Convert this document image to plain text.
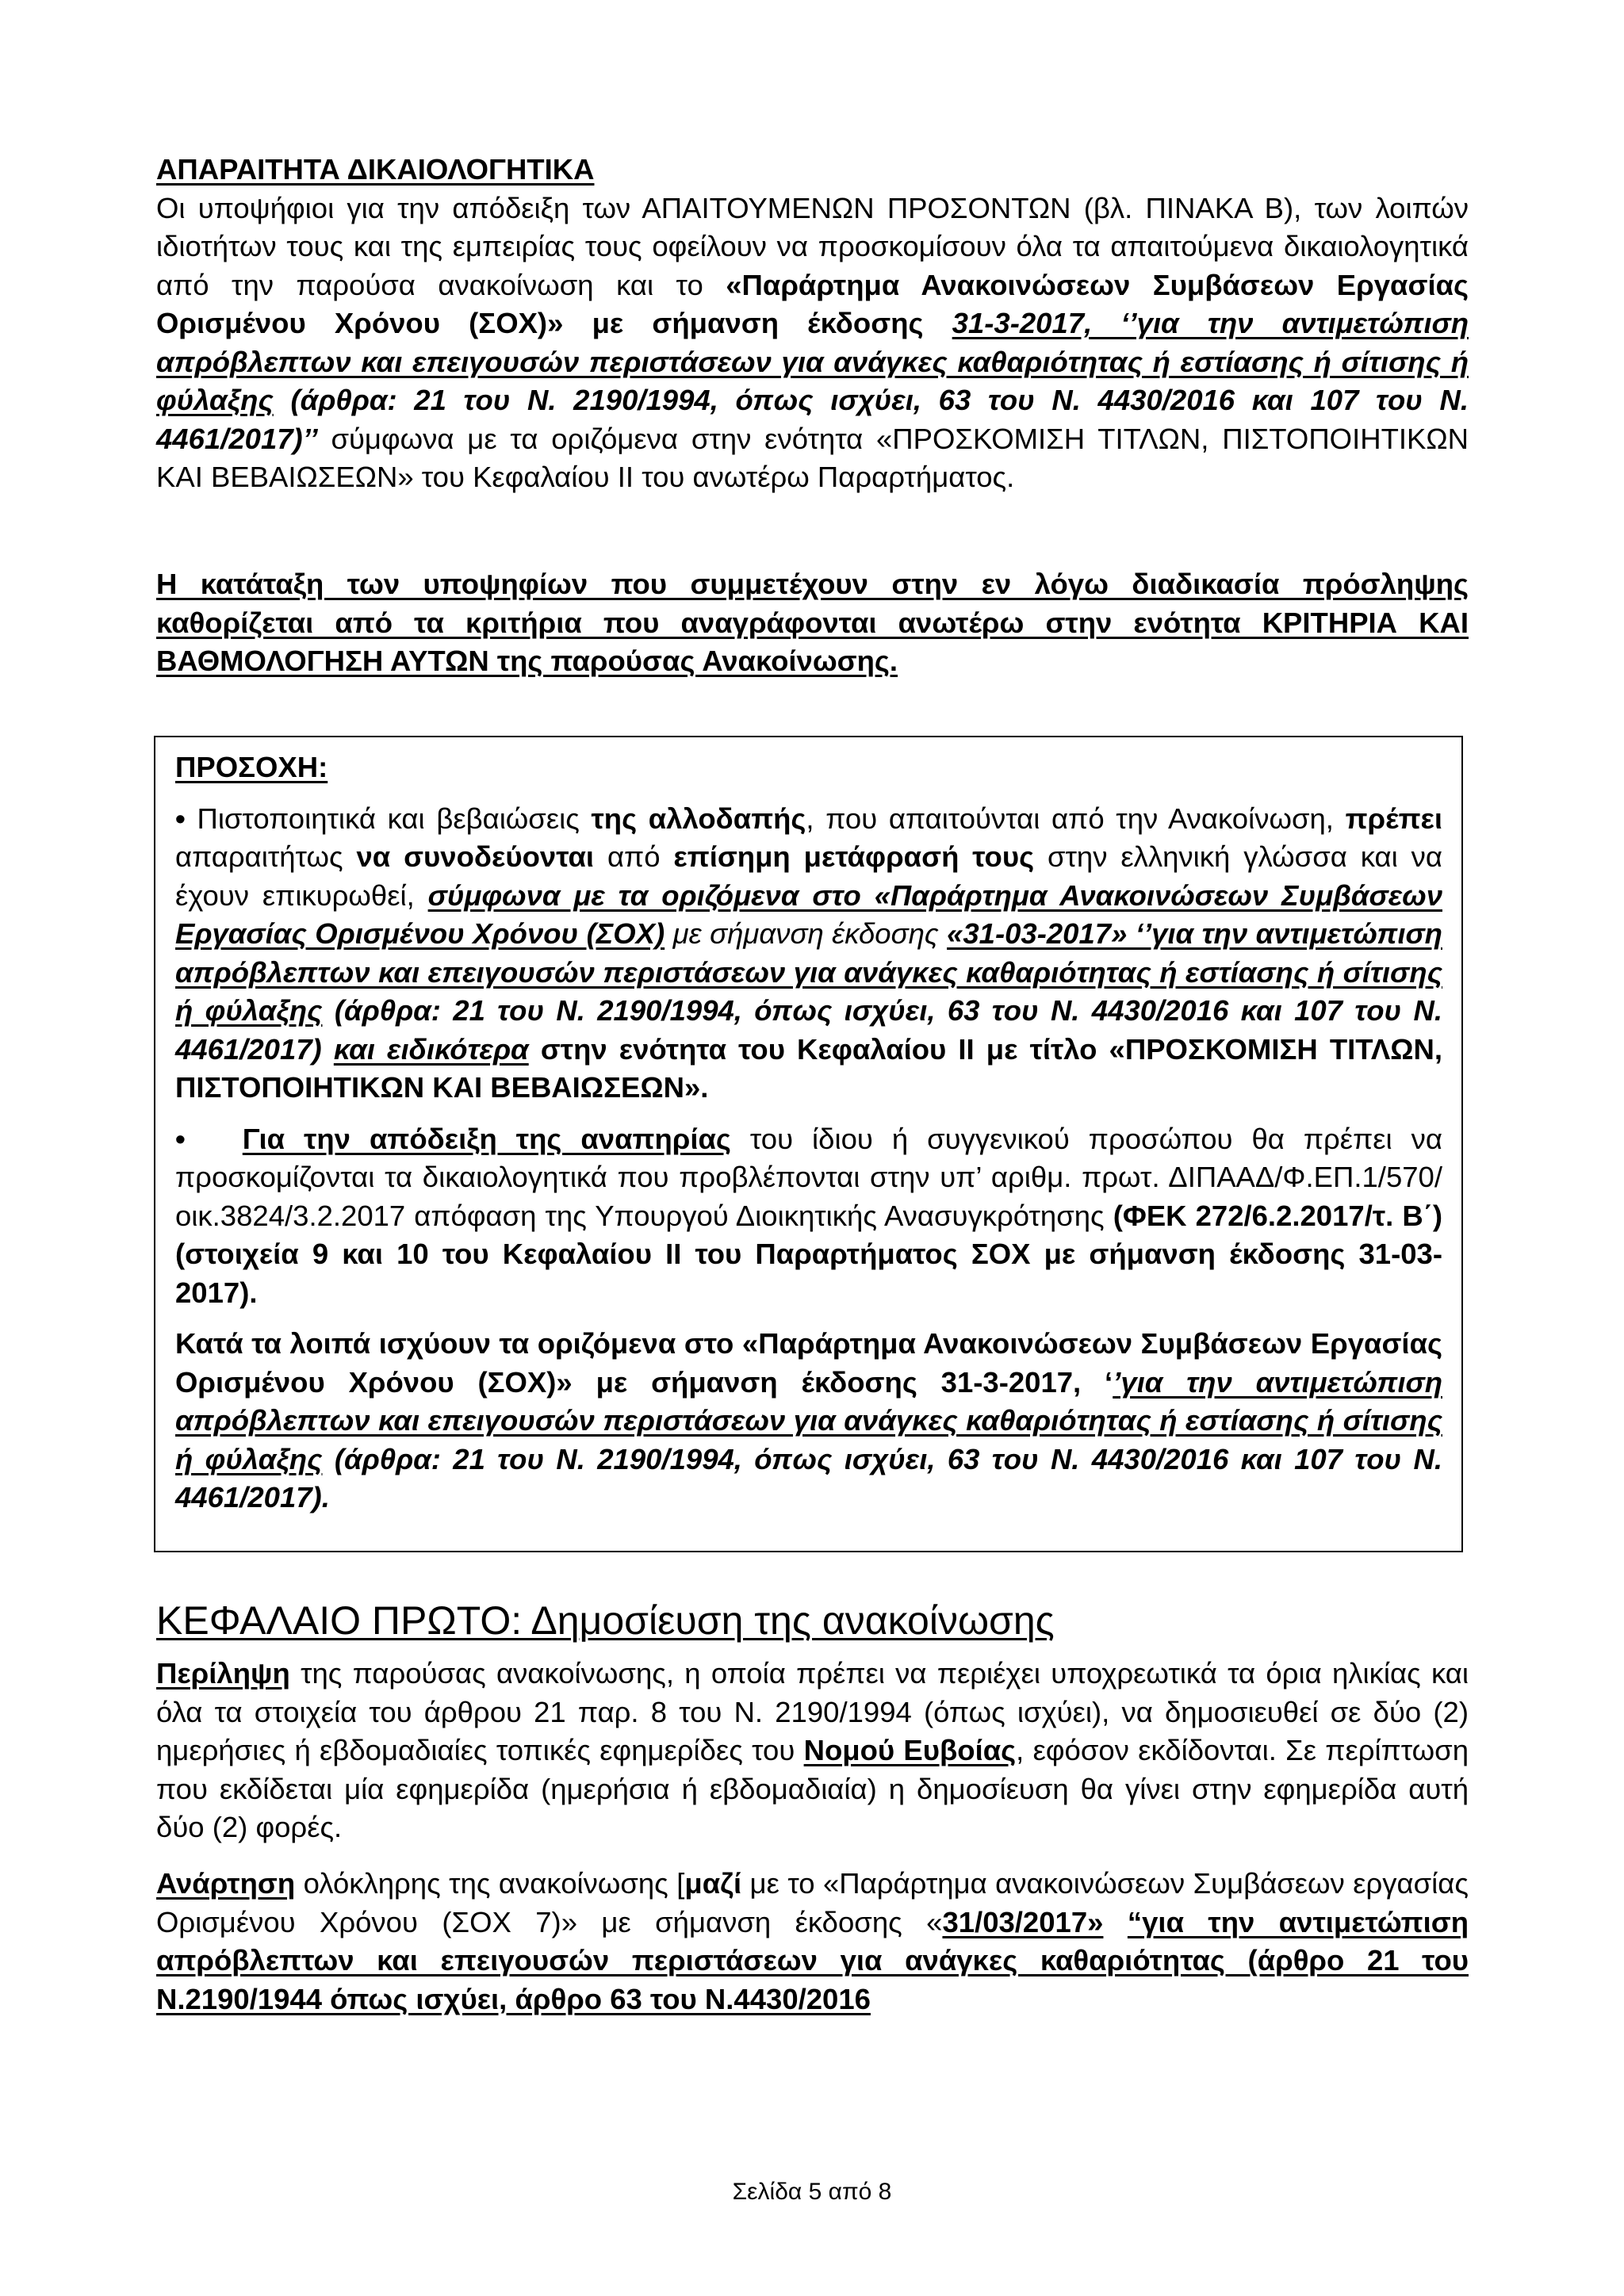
ΑΠΑΡΑΙΤΗΤΑ ΔΙΚΑΙΟΛΟΓΗΤΙΚΑ

Οι υποψήφιοι για την απόδειξη των ΑΠΑΙΤΟΥΜΕΝΩΝ ΠΡΟΣΟΝΤΩΝ (βλ. ΠΙΝΑΚΑ Β), των λοιπών ιδιοτήτων τους και της εμπειρίας τους οφείλουν να προσκομίσουν όλα τα απαιτούμενα δικαιολογητικά από την παρούσα ανακοίνωση και το «Παράρτημα Ανακοινώσεων Συμβάσεων Εργασίας Ορισμένου Χρόνου (ΣΟΧ)» με σήμανση έκδοσης 31-3-2017, ‘’για την αντιμετώπιση απρόβλεπτων και επειγουσών περιστάσεων για ανάγκες καθαριότητας ή εστίασης ή σίτισης ή φύλαξης (άρθρα: 21 του Ν. 2190/1994, όπως ισχύει, 63 του Ν. 4430/2016 και 107 του Ν. 4461/2017)’’ σύμφωνα με τα οριζόμενα στην ενότητα «ΠΡΟΣΚΟΜΙΣΗ ΤΙΤΛΩΝ, ΠΙΣΤΟΠΟΙΗΤΙΚΩΝ ΚΑΙ ΒΕΒΑΙΩΣΕΩΝ» του Κεφαλαίου ΙΙ του ανωτέρω Παραρτήματος.

Η κατάταξη των υποψηφίων που συμμετέχουν στην εν λόγω διαδικασία πρόσληψης καθορίζεται από τα κριτήρια που αναγράφονται ανωτέρω στην ενότητα ΚΡΙΤΗΡΙΑ ΚΑΙ ΒΑΘΜΟΛΟΓΗΣΗ ΑΥΤΩΝ της παρούσας Ανακοίνωσης.
ΠΡΟΣΟΧΗ:

• Πιστοποιητικά και βεβαιώσεις της αλλοδαπής, που απαιτούνται από την Ανακοίνωση, πρέπει απαραιτήτως να συνοδεύονται από επίσημη μετάφρασή τους στην ελληνική γλώσσα και να έχουν επικυρωθεί, σύμφωνα με τα οριζόμενα στο «Παράρτημα Ανακοινώσεων Συμβάσεων Εργασίας Ορισμένου Χρόνου (ΣΟΧ) με σήμανση έκδοσης «31-03-2017» ‘’για την αντιμετώπιση απρόβλεπτων και επειγουσών περιστάσεων για ανάγκες καθαριότητας ή εστίασης ή σίτισης ή φύλαξης (άρθρα: 21 του Ν. 2190/1994, όπως ισχύει, 63 του Ν. 4430/2016 και 107 του Ν. 4461/2017) και ειδικότερα στην ενότητα του Κεφαλαίου ΙΙ με τίτλο «ΠΡΟΣΚΟΜΙΣΗ ΤΙΤΛΩΝ, ΠΙΣΤΟΠΟΙΗΤΙΚΩΝ ΚΑΙ ΒΕΒΑΙΩΣΕΩΝ».

• Για την απόδειξη της αναπηρίας του ίδιου ή συγγενικού προσώπου θα πρέπει να προσκομίζονται τα δικαιολογητικά που προβλέπονται στην υπ’ αριθμ. πρωτ. ΔΙΠΑΑΔ/Φ.ΕΠ.1/570/οικ.3824/3.2.2017 απόφαση της Υπουργού Διοικητικής Ανασυγκρότησης (ΦΕΚ 272/6.2.2017/τ. Β΄) (στοιχεία 9 και 10 του Κεφαλαίου ΙΙ του Παραρτήματος ΣΟΧ με σήμανση έκδοσης 31-03-2017).

Κατά τα λοιπά ισχύουν τα οριζόμενα στο «Παράρτημα Ανακοινώσεων Συμβάσεων Εργασίας Ορισμένου Χρόνου (ΣΟΧ)» με σήμανση έκδοσης 31-3-2017, ‘’για την αντιμετώπιση απρόβλεπτων και επειγουσών περιστάσεων για ανάγκες καθαριότητας ή εστίασης ή σίτισης ή φύλαξης (άρθρα: 21 του Ν. 2190/1994, όπως ισχύει, 63 του Ν. 4430/2016 και 107 του Ν. 4461/2017).

ΚΕΦΑΛΑΙΟ ΠΡΩΤΟ: Δημοσίευση της ανακοίνωσης
Περίληψη της παρούσας ανακοίνωσης, η οποία πρέπει να περιέχει υποχρεωτικά τα όρια ηλικίας και όλα τα στοιχεία του άρθρου 21 παρ. 8 του Ν. 2190/1994 (όπως ισχύει), να δημοσιευθεί σε δύο (2) ημερήσιες ή εβδομαδιαίες τοπικές εφημερίδες του Νομού Ευβοίας, εφόσον εκδίδονται. Σε περίπτωση που εκδίδεται μία εφημερίδα (ημερήσια ή εβδομαδιαία) η δημοσίευση θα γίνει στην εφημερίδα αυτή δύο (2) φορές.
Ανάρτηση ολόκληρης της ανακοίνωσης [μαζί με το «Παράρτημα ανακοινώσεων Συμβάσεων εργασίας Ορισμένου Χρόνου (ΣΟΧ 7)» με σήμανση έκδοσης «31/03/2017» “για την αντιμετώπιση απρόβλεπτων και επειγουσών περιστάσεων για ανάγκες καθαριότητας (άρθρο 21 του Ν.2190/1944 όπως ισχύει, άρθρο 63 του Ν.4430/2016
Σελίδα 5 από 8
